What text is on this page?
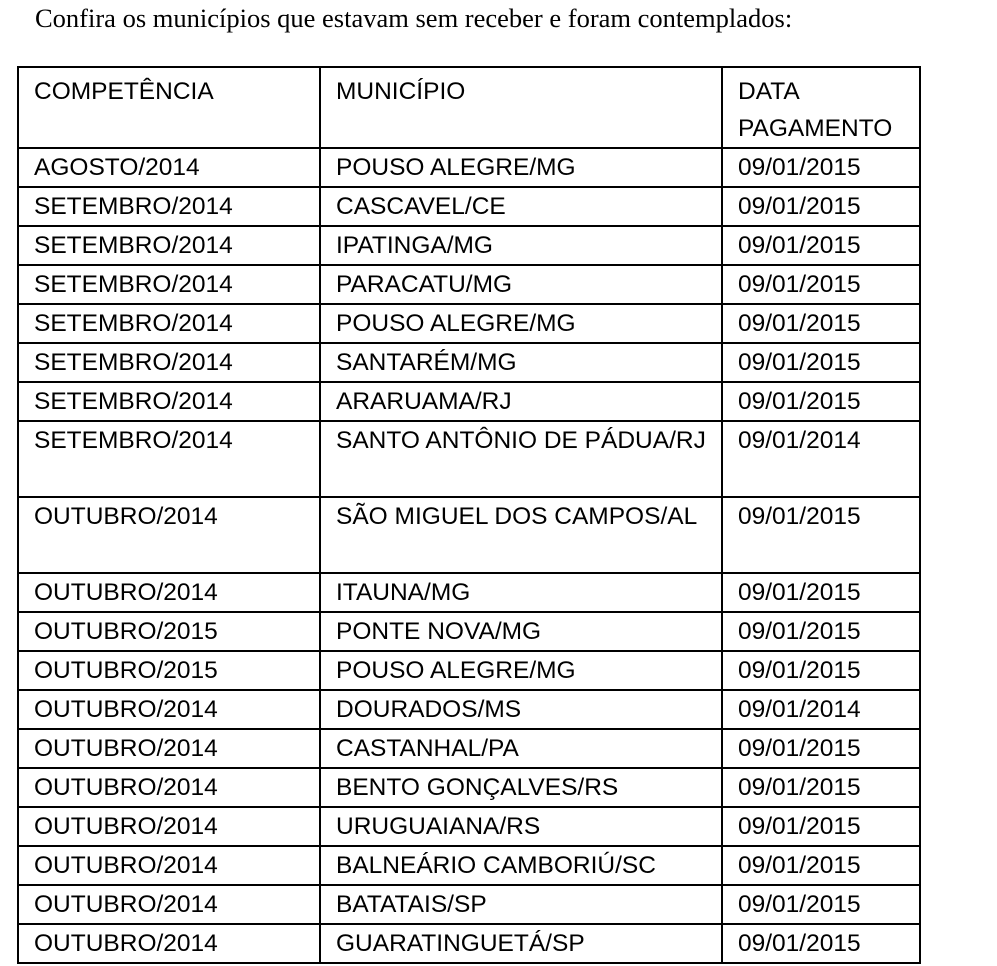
Confira os municípios que estavam sem receber e foram contemplados:
COMPETÊNCIA	MUNICÍPIO	DATA PAGAMENTO
AGOSTO/2014	POUSO ALEGRE/MG	09/01/2015
SETEMBRO/2014	CASCAVEL/CE	09/01/2015
SETEMBRO/2014	IPATINGA/MG	09/01/2015
SETEMBRO/2014	PARACATU/MG	09/01/2015
SETEMBRO/2014	POUSO ALEGRE/MG	09/01/2015
SETEMBRO/2014	SANTARÉM/MG	09/01/2015
SETEMBRO/2014	ARARUAMA/RJ	09/01/2015
SETEMBRO/2014	SANTO ANTÔNIO DE PÁDUA/RJ	09/01/2014
OUTUBRO/2014	SÃO MIGUEL DOS CAMPOS/AL	09/01/2015
OUTUBRO/2014	ITAUNA/MG	09/01/2015
OUTUBRO/2015	PONTE NOVA/MG	09/01/2015
OUTUBRO/2015	POUSO ALEGRE/MG	09/01/2015
OUTUBRO/2014	DOURADOS/MS	09/01/2014
OUTUBRO/2014	CASTANHAL/PA	09/01/2015
OUTUBRO/2014	BENTO GONÇALVES/RS	09/01/2015
OUTUBRO/2014	URUGUAIANA/RS	09/01/2015
OUTUBRO/2014	BALNEÁRIO CAMBORIÚ/SC	09/01/2015
OUTUBRO/2014	BATATAIS/SP	09/01/2015
OUTUBRO/2014	GUARATINGUETÁ/SP	09/01/2015
